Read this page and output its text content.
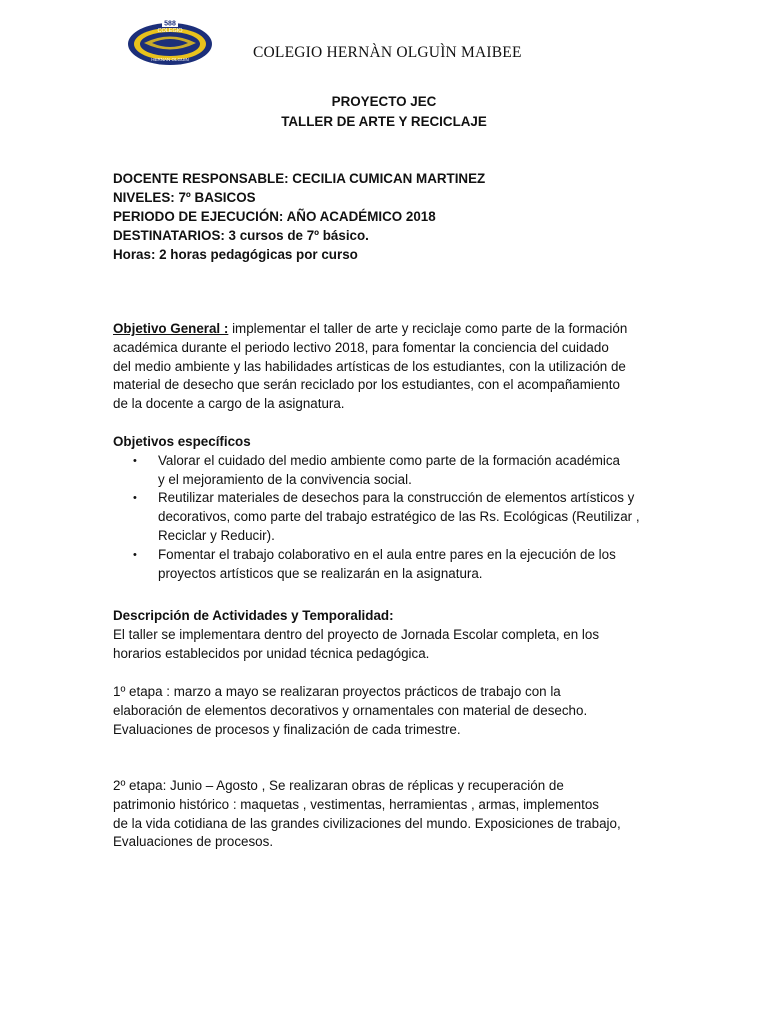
588
COLEGIO
HERNAN OLGUIN	COLEGIO HERNÀN OLGUÌN MAIBEE
PROYECTO JEC
TALLER DE ARTE Y RECICLAJE
DOCENTE RESPONSABLE: CECILIA CUMICAN MARTINEZ
NIVELES: 7º BASICOS
PERIODO DE EJECUCIÓN: AÑO ACADÉMICO 2018
DESTINATARIOS: 3 cursos de 7º básico.
Horas: 2 horas pedagógicas por curso
Objetivo General : implementar el taller de arte y reciclaje como parte de la formación
académica durante el periodo lectivo 2018, para fomentar la conciencia del cuidado
del medio ambiente y las habilidades artísticas de los estudiantes, con la utilización de
material de desecho que serán reciclado por los estudiantes, con el acompañamiento
de la docente a cargo de la asignatura.
Objetivos específicos
• Valorar el cuidado del medio ambiente como parte de la formación académica
y el mejoramiento de la convivencia social.
• Reutilizar materiales de desechos para la construcción de elementos artísticos y
decorativos, como parte del trabajo estratégico de las Rs. Ecológicas (Reutilizar ,
Reciclar y Reducir).
• Fomentar el trabajo colaborativo en el aula entre pares en la ejecución de los
proyectos artísticos que se realizarán en la asignatura.
Descripción de Actividades y Temporalidad:
El taller se implementara dentro del proyecto de Jornada Escolar completa, en los
horarios establecidos por unidad técnica pedagógica.
1º etapa : marzo a mayo se realizaran proyectos prácticos de trabajo con la
elaboración de elementos decorativos y ornamentales con material de desecho.
Evaluaciones de procesos y finalización de cada trimestre.
2º etapa: Junio – Agosto , Se realizaran obras de réplicas y recuperación de
patrimonio histórico : maquetas , vestimentas, herramientas , armas, implementos
de la vida cotidiana de las grandes civilizaciones del mundo. Exposiciones de trabajo,
Evaluaciones de procesos.
